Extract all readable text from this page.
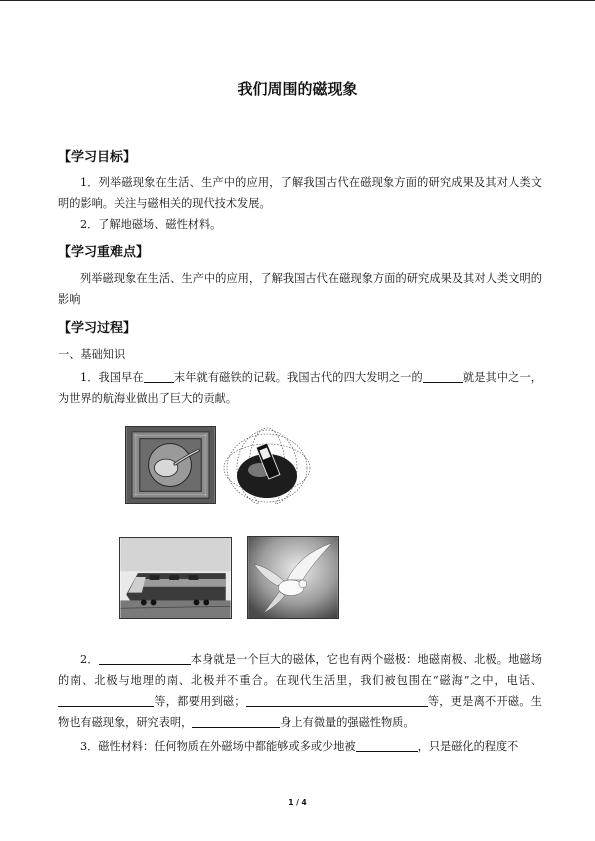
我们周围的磁现象
【学习目标】
1．列举磁现象在生活、生产中的应用，了解我国古代在磁现象方面的研究成果及其对人类文明的影响。关注与磁相关的现代技术发展。
2．了解地磁场、磁性材料。
【学习重难点】
列举磁现象在生活、生产中的应用，了解我国古代在磁现象方面的研究成果及其对人类文明的影响
【学习过程】
一、基础知识
1．我国早在	末年就有磁铁的记载。我国古代的四大发明之一的	就是其中之一，为世界的航海业做出了巨大的贡献。
2．	本身就是一个巨大的磁体，它也有两个磁极：地磁南极、北极。地磁场的南、北极与地理的南、北极并不重合。在现代生活里，我们被包围在“磁海”之中，电话、等，都要用到磁；	等，更是离不开磁。生物也有磁现象，研究表明，	身上有微量的强磁性物质。
3．磁性材料：任何物质在外磁场中都能够或多或少地被	，只是磁化的程度不
1 / 4
